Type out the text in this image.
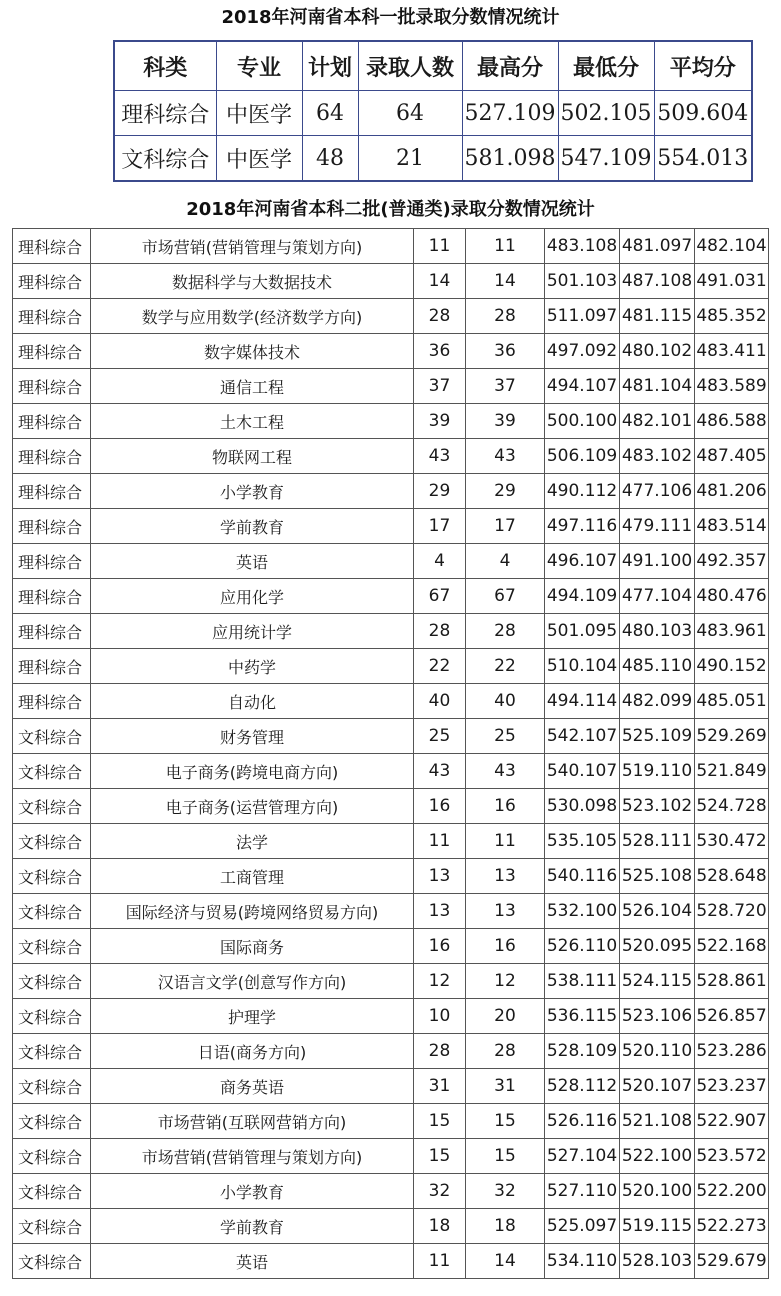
2018年河南省本科一批录取分数情况统计
科类	专业	计划	录取人数	最高分	最低分	平均分
理科综合	中医学	64	64	527.109	502.105	509.604
文科综合	中医学	48	21	581.098	547.109	554.013
2018年河南省本科二批(普通类)录取分数情况统计
理科综合	市场营销(营销管理与策划方向)	11	11	483.108	481.097	482.104
理科综合	数据科学与大数据技术	14	14	501.103	487.108	491.031
理科综合	数学与应用数学(经济数学方向)	28	28	511.097	481.115	485.352
理科综合	数字媒体技术	36	36	497.092	480.102	483.411
理科综合	通信工程	37	37	494.107	481.104	483.589
理科综合	土木工程	39	39	500.100	482.101	486.588
理科综合	物联网工程	43	43	506.109	483.102	487.405
理科综合	小学教育	29	29	490.112	477.106	481.206
理科综合	学前教育	17	17	497.116	479.111	483.514
理科综合	英语	4	4	496.107	491.100	492.357
理科综合	应用化学	67	67	494.109	477.104	480.476
理科综合	应用统计学	28	28	501.095	480.103	483.961
理科综合	中药学	22	22	510.104	485.110	490.152
理科综合	自动化	40	40	494.114	482.099	485.051
文科综合	财务管理	25	25	542.107	525.109	529.269
文科综合	电子商务(跨境电商方向)	43	43	540.107	519.110	521.849
文科综合	电子商务(运营管理方向)	16	16	530.098	523.102	524.728
文科综合	法学	11	11	535.105	528.111	530.472
文科综合	工商管理	13	13	540.116	525.108	528.648
文科综合	国际经济与贸易(跨境网络贸易方向)	13	13	532.100	526.104	528.720
文科综合	国际商务	16	16	526.110	520.095	522.168
文科综合	汉语言文学(创意写作方向)	12	12	538.111	524.115	528.861
文科综合	护理学	10	20	536.115	523.106	526.857
文科综合	日语(商务方向)	28	28	528.109	520.110	523.286
文科综合	商务英语	31	31	528.112	520.107	523.237
文科综合	市场营销(互联网营销方向)	15	15	526.116	521.108	522.907
文科综合	市场营销(营销管理与策划方向)	15	15	527.104	522.100	523.572
文科综合	小学教育	32	32	527.110	520.100	522.200
文科综合	学前教育	18	18	525.097	519.115	522.273
文科综合	英语	11	14	534.110	528.103	529.679
